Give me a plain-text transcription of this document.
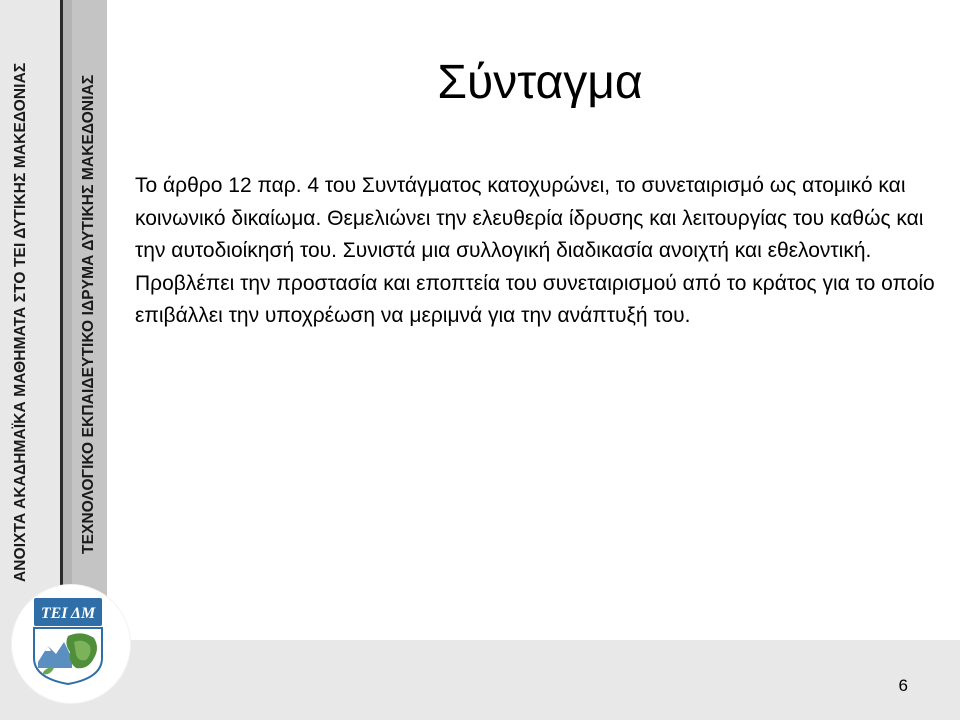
ΑΝΟΙΧΤΑ ΑΚΑΔΗΜΑΪΚΑ ΜΑΘΗΜΑΤΑ ΣΤΟ ΤΕΙ ΔΥΤΙΚΗΣ ΜΑΚΕΔΟΝΙΑΣ	ΤΕΧΝΟΛΟΓΙΚΟ ΕΚΠΑΙΔΕΥΤΙΚΟ ΙΔΡΥΜΑ ΔΥΤΙΚΗΣ ΜΑΚΕΔΟΝΙΑΣ
ΤΕΙ ΔΜ
Σύνταγμα

Το άρθρο 12 παρ. 4 του Συντάγματος κατοχυρώνει, το συνεταιρισμό ως ατομικό και κοινωνικό δικαίωμα. Θεμελιώνει την ελευθερία ίδρυσης και λειτουργίας του καθώς και την αυτοδιοίκησή του. Συνιστά μια συλλογική διαδικασία ανοιχτή και εθελοντική. Προβλέπει την προστασία και εποπτεία του συνεταιρισμού από το κράτος για το οποίο επιβάλλει την υποχρέωση να μεριμνά για την ανάπτυξή του.

6
